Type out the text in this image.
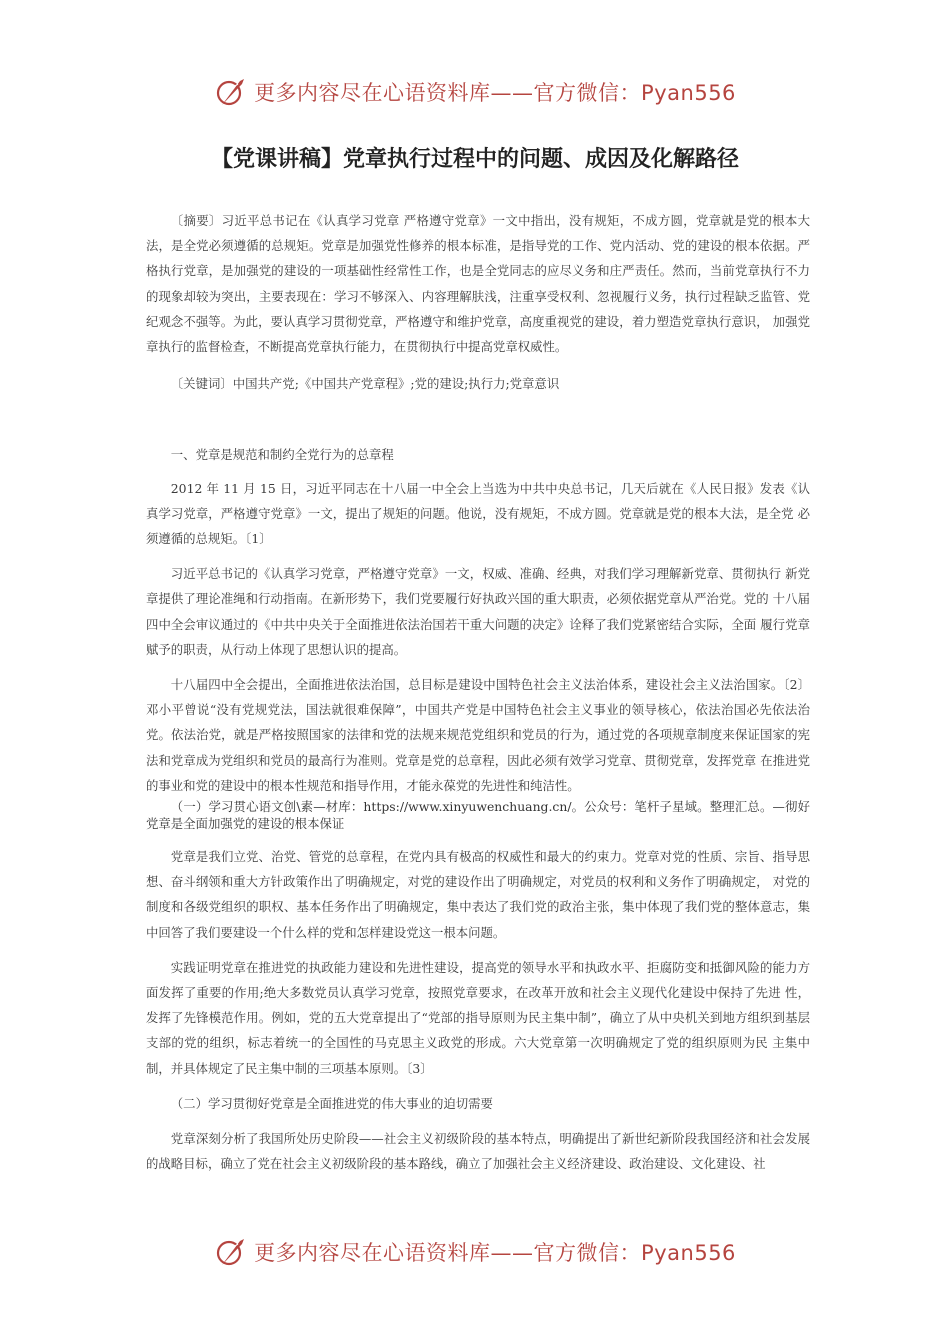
更多内容尽在心语资料库——官方微信：Pyan556
【党课讲稿】党章执行过程中的问题、成因及化解路径

〔摘要〕习近平总书记在《认真学习党章 严格遵守党章》一文中指出，没有规矩，不成方圆，党章就是党的根本大法，是全党必须遵循的总规矩。党章是加强党性修养的根本标准，是指导党的工作、党内活动、党的建设的根本依据。严格执行党章，是加强党的建设的一项基础性经常性工作，也是全党同志的应尽义务和庄严责任。然而，当前党章执行不力的现象却较为突出，主要表现在：学习不够深入、内容理解肤浅，注重享受权利、忽视履行义务，执行过程缺乏监管、党纪观念不强等。为此，要认真学习贯彻党章，严格遵守和维护党章，高度重视党的建设，着力塑造党章执行意识， 加强党章执行的监督检查，不断提高党章执行能力，在贯彻执行中提高党章权威性。

〔关键词〕中国共产党;《中国共产党章程》;党的建设;执行力;党章意识

一、党章是规范和制约全党行为的总章程

2012 年 11 月 15 日，习近平同志在十八届一中全会上当选为中共中央总书记，几天后就在《人民日报》发表《认真学习党章，严格遵守党章》一文，提出了规矩的问题。他说，没有规矩，不成方圆。党章就是党的根本大法，是全党 必须遵循的总规矩。〔1〕

习近平总书记的《认真学习党章，严格遵守党章》一文，权威、准确、经典，对我们学习理解新党章、贯彻执行 新党章提供了理论准绳和行动指南。在新形势下，我们党要履行好执政兴国的重大职责，必须依据党章从严治党。党的 十八届四中全会审议通过的《中共中央关于全面推进依法治国若干重大问题的决定》诠释了我们党紧密结合实际，全面 履行党章赋予的职责，从行动上体现了思想认识的提高。

十八届四中全会提出，全面推进依法治国，总目标是建设中国特色社会主义法治体系，建设社会主义法治国家。〔2〕邓小平曾说“没有党规党法，国法就很难保障”，中国共产党是中国特色社会主义事业的领导核心，依法治国必先依法治党。依法治党，就是严格按照国家的法律和党的法规来规范党组织和党员的行为，通过党的各项规章制度来保证国家的宪法和党章成为党组织和党员的最高行为准则。党章是党的总章程，因此必须有效学习党章、贯彻党章，发挥党章 在推进党的事业和党的建设中的根本性规范和指导作用，才能永葆党的先进性和纯洁性。

（一）学习贯心语文创\素—材库：https://www.xinyuwenchuang.cn/。公众号：笔杆子星域。整理汇总。—彻好党章是全面加强党的建设的根本保证

党章是我们立党、治党、管党的总章程，在党内具有极高的权威性和最大的约束力。党章对党的性质、宗旨、指导思想、奋斗纲领和重大方针政策作出了明确规定，对党的建设作出了明确规定，对党员的权利和义务作了明确规定， 对党的制度和各级党组织的职权、基本任务作出了明确规定，集中表达了我们党的政治主张，集中体现了我们党的整体意志，集中回答了我们要建设一个什么样的党和怎样建设党这一根本问题。

实践证明党章在推进党的执政能力建设和先进性建设，提高党的领导水平和执政水平、拒腐防变和抵御风险的能力方面发挥了重要的作用;绝大多数党员认真学习党章，按照党章要求，在改革开放和社会主义现代化建设中保持了先进 性，发挥了先锋模范作用。例如，党的五大党章提出了“党部的指导原则为民主集中制”，确立了从中央机关到地方组织到基层支部的党的组织，标志着统一的全国性的马克思主义政党的形成。六大党章第一次明确规定了党的组织原则为民 主集中制，并具体规定了民主集中制的三项基本原则。〔3〕

（二）学习贯彻好党章是全面推进党的伟大事业的迫切需要

党章深刻分析了我国所处历史阶段——社会主义初级阶段的基本特点，明确提出了新世纪新阶段我国经济和社会发展的战略目标，确立了党在社会主义初级阶段的基本路线，确立了加强社会主义经济建设、政治建设、文化建设、社

更多内容尽在心语资料库——官方微信：Pyan556
